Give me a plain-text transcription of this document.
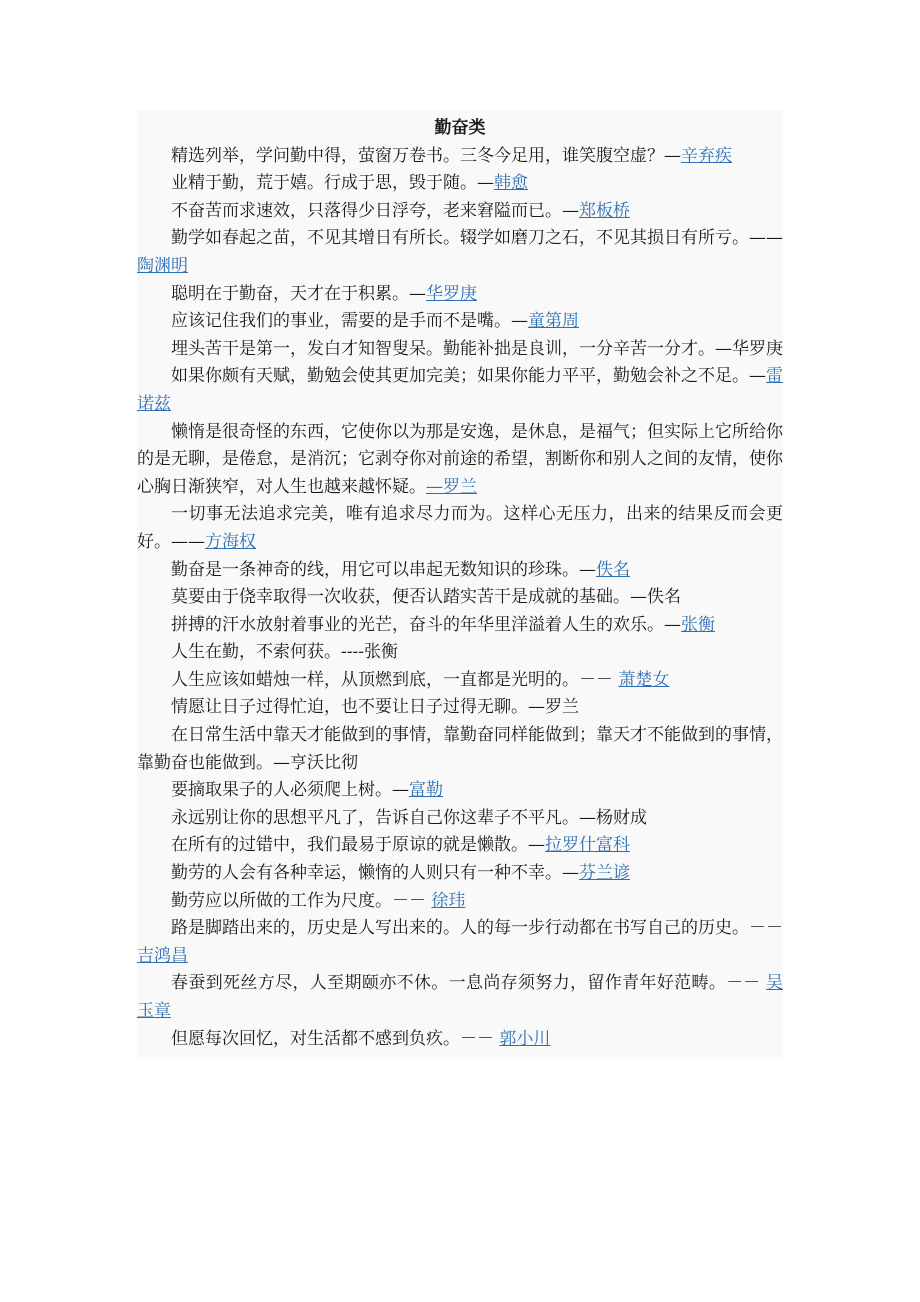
勤奋类

精选列举，学问勤中得，萤窗万卷书。三冬今足用，谁笑腹空虚？—辛弃疾

业精于勤，荒于嬉。行成于思，毁于随。—韩愈

不奋苦而求速效，只落得少日浮夸，老来窘隘而已。—郑板桥

勤学如春起之苗，不见其增日有所长。辍学如磨刀之石，不见其损日有所亏。——陶渊明

聪明在于勤奋，天才在于积累。—华罗庚

应该记住我们的事业，需要的是手而不是嘴。—童第周

埋头苦干是第一，发白才知智叟呆。勤能补拙是良训，一分辛苦一分才。—华罗庚

如果你颇有天赋，勤勉会使其更加完美；如果你能力平平，勤勉会补之不足。—雷诺兹

懒惰是很奇怪的东西，它使你以为那是安逸，是休息，是福气；但实际上它所给你的是无聊，是倦怠，是消沉；它剥夺你对前途的希望，割断你和别人之间的友情，使你心胸日渐狭窄，对人生也越来越怀疑。—罗兰

一切事无法追求完美，唯有追求尽力而为。这样心无压力，出来的结果反而会更好。——方海权

勤奋是一条神奇的线，用它可以串起无数知识的珍珠。—佚名

莫要由于侥幸取得一次收获，便否认踏实苦干是成就的基础。—佚名

拼搏的汗水放射着事业的光芒，奋斗的年华里洋溢着人生的欢乐。—张衡

人生在勤，不索何获。----张衡

人生应该如蜡烛一样，从顶燃到底，一直都是光明的。－－ 萧楚女

情愿让日子过得忙迫，也不要让日子过得无聊。—罗兰

在日常生活中靠天才能做到的事情，靠勤奋同样能做到；靠天才不能做到的事情，靠勤奋也能做到。—亨沃比彻

要摘取果子的人必须爬上树。—富勒

永远别让你的思想平凡了，告诉自己你这辈子不平凡。—杨财成

在所有的过错中，我们最易于原谅的就是懒散。—拉罗什富科

勤劳的人会有各种幸运，懒惰的人则只有一种不幸。—芬兰谚

勤劳应以所做的工作为尺度。－－ 徐玮

路是脚踏出来的，历史是人写出来的。人的每一步行动都在书写自己的历史。－－ 吉鸿昌

春蚕到死丝方尽，人至期颐亦不休。一息尚存须努力，留作青年好范畴。－－ 吴玉章

但愿每次回忆，对生活都不感到负疚。－－ 郭小川
